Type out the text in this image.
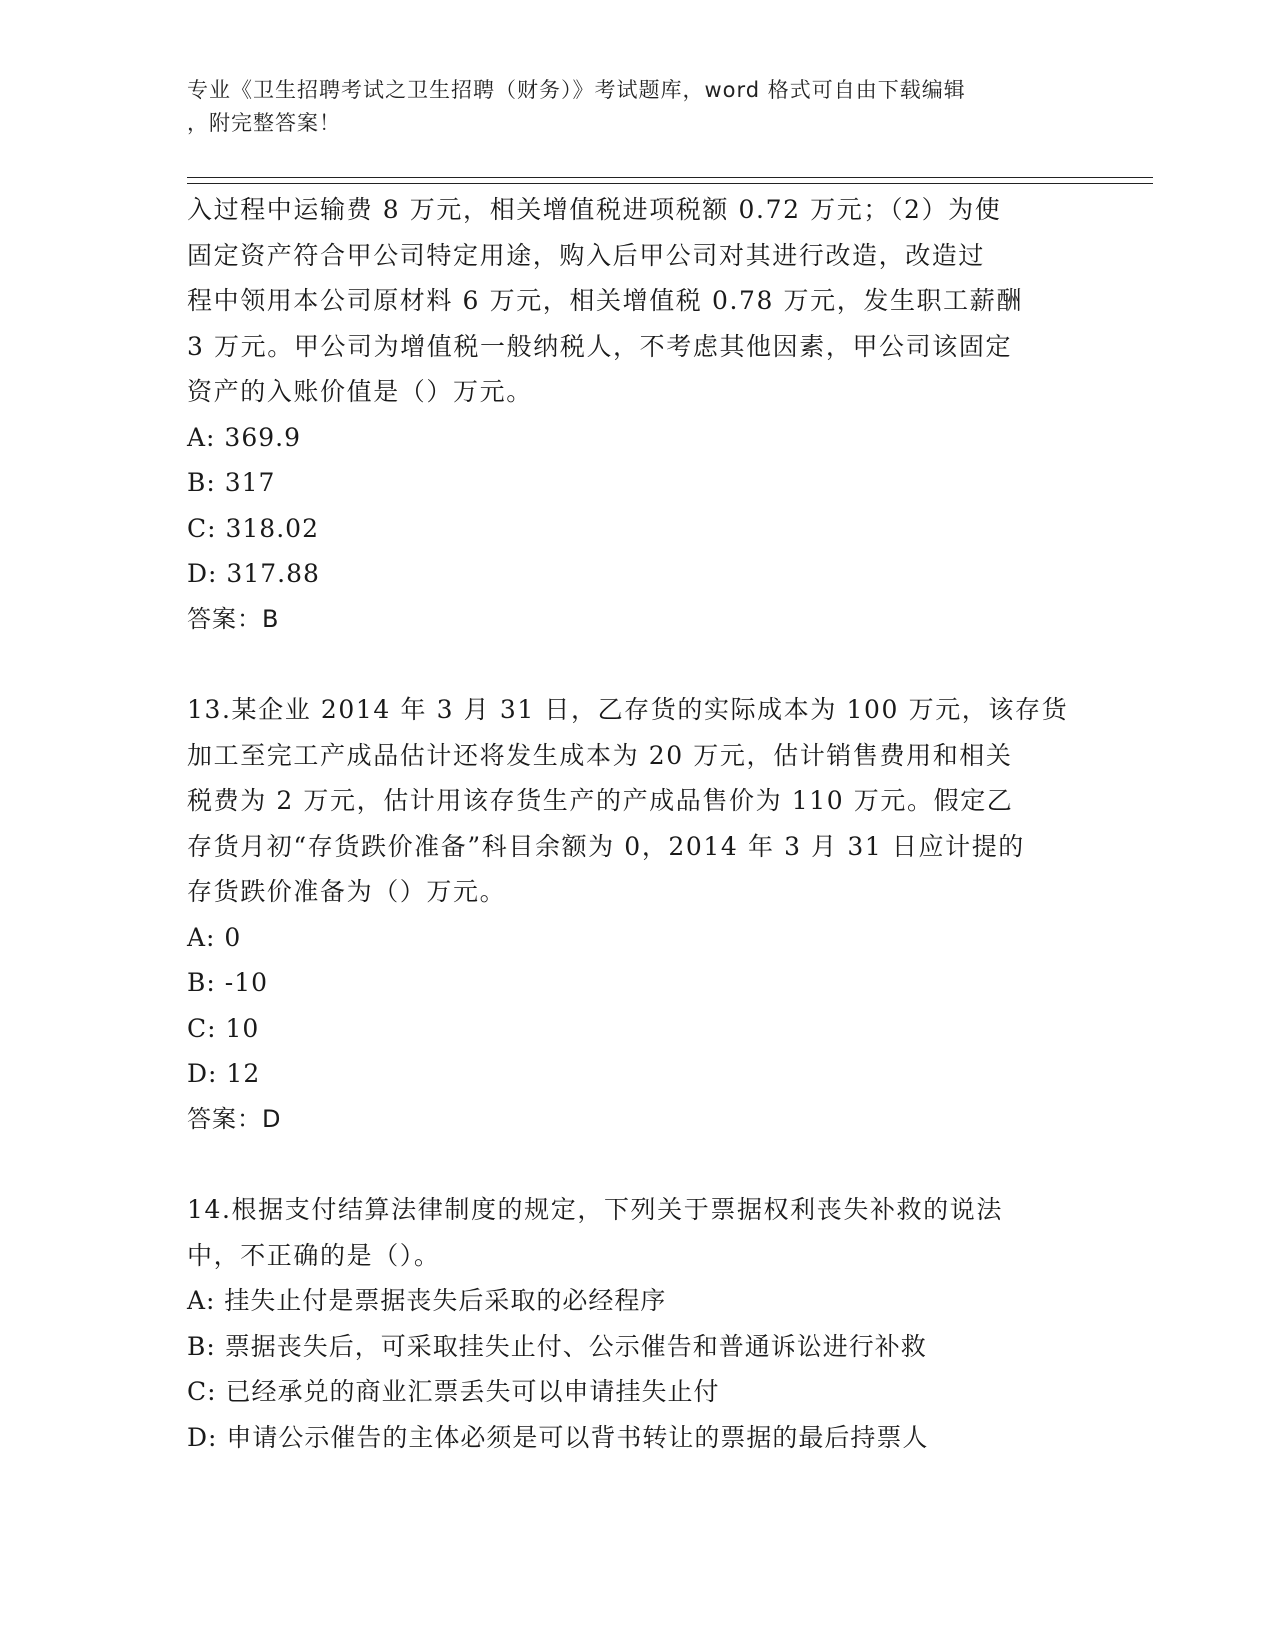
专业《卫生招聘考试之卫生招聘（财务）》考试题库，word 格式可自由下载编辑
，附完整答案！
入过程中运输费 8 万元，相关增值税进项税额 0.72 万元；（2）为使
固定资产符合甲公司特定用途，购入后甲公司对其进行改造，改造过
程中领用本公司原材料 6 万元，相关增值税 0.78 万元，发生职工薪酬
3 万元。甲公司为增值税一般纳税人，不考虑其他因素，甲公司该固定
资产的入账价值是（）万元。
A: 369.9
B: 317
C: 318.02
D: 317.88
答案：B
13.某企业 2014 年 3 月 31 日，乙存货的实际成本为 100 万元，该存货
加工至完工产成品估计还将发生成本为 20 万元，估计销售费用和相关
税费为 2 万元，估计用该存货生产的产成品售价为 110 万元。假定乙
存货月初“存货跌价准备”科目余额为 0，2014 年 3 月 31 日应计提的
存货跌价准备为（）万元。
A: 0
B: -10
C: 10
D: 12
答案：D
14.根据支付结算法律制度的规定，下列关于票据权利丧失补救的说法
中，不正确的是（）。
A: 挂失止付是票据丧失后采取的必经程序
B: 票据丧失后，可采取挂失止付、公示催告和普通诉讼进行补救
C: 已经承兑的商业汇票丢失可以申请挂失止付
D: 申请公示催告的主体必须是可以背书转让的票据的最后持票人
